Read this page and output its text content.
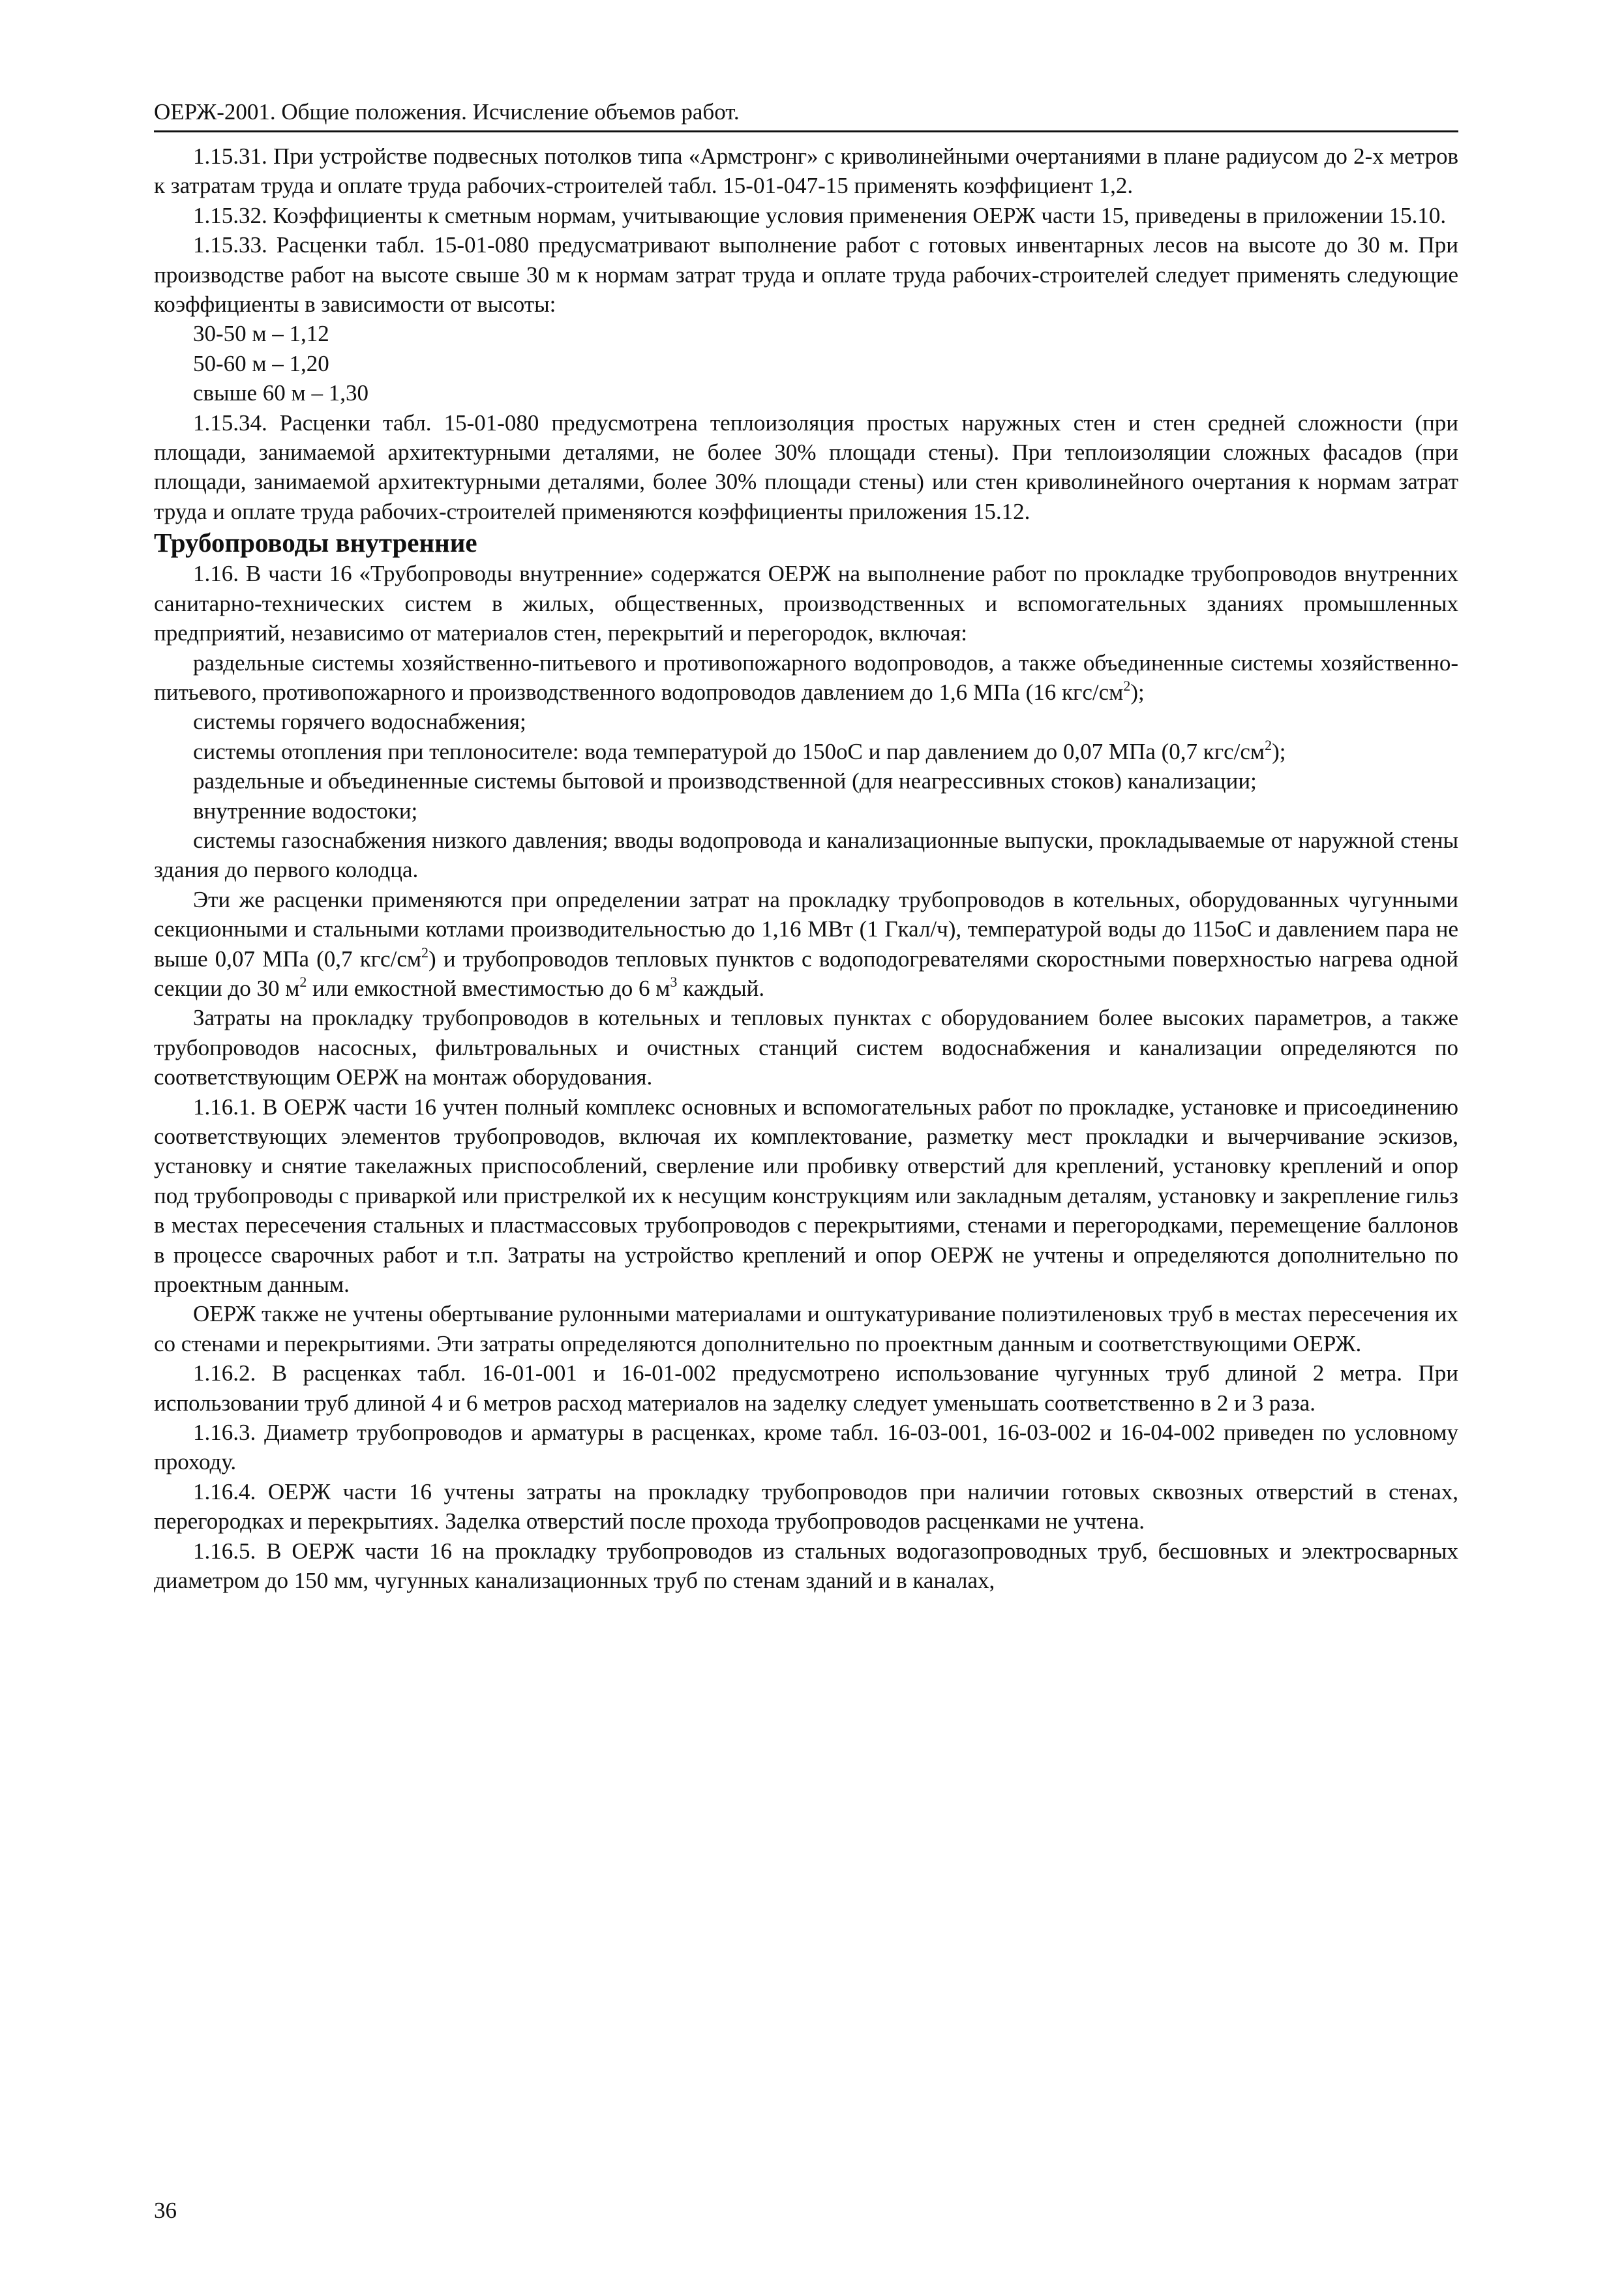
ОЕРЖ-2001. Общие положения. Исчисление объемов работ.

1.15.31. При устройстве подвесных потолков типа «Армстронг» с криволинейными очертаниями в плане радиусом до 2-х метров к затратам труда и оплате труда рабочих-строителей табл. 15-01-047-15 применять коэффициент 1,2.

1.15.32. Коэффициенты к сметным нормам, учитывающие условия применения ОЕРЖ части 15, приведены в приложении 15.10.

1.15.33. Расценки табл. 15-01-080 предусматривают выполнение работ с готовых инвентарных лесов на высоте до 30 м. При производстве работ на высоте свыше 30 м к нормам затрат труда и оплате труда рабочих-строителей следует применять следующие коэффициенты в зависимости от высоты:

30-50 м – 1,12

50-60 м – 1,20

свыше 60 м – 1,30

1.15.34. Расценки табл. 15-01-080 предусмотрена теплоизоляция простых наружных стен и стен средней сложности (при площади, занимаемой архитектурными деталями, не более 30% площади стены). При теплоизоляции сложных фасадов (при площади, занимаемой архитектурными деталями, более 30% площади стены) или стен криволинейного очертания к нормам затрат труда и оплате труда рабочих-строителей применяются коэффициенты приложения 15.12.

Трубопроводы внутренние

1.16. В части 16 «Трубопроводы внутренние» содержатся ОЕРЖ на выполнение работ по прокладке трубопроводов внутренних санитарно-технических систем в жилых, общественных, производственных и вспомогательных зданиях промышленных предприятий, независимо от материалов стен, перекрытий и перегородок, включая:

раздельные системы хозяйственно-питьевого и противопожарного водопроводов, а также объединенные системы хозяйственно-питьевого, противопожарного и производственного водопроводов давлением до 1,6 МПа (16 кгс/$см^2$);

системы горячего водоснабжения;

системы отопления при теплоносителе: вода температурой до 150оС и пар давлением до 0,07 МПа (0,7 кгс/$см^2$);

раздельные и объединенные системы бытовой и производственной (для неагрессивных стоков) канализации;

внутренние водостоки;

системы газоснабжения низкого давления; вводы водопровода и канализационные выпуски, прокладываемые от наружной стены здания до первого колодца.

Эти же расценки применяются при определении затрат на прокладку трубопроводов в котельных, оборудованных чугунными секционными и стальными котлами производительностью до 1,16 МВт (1 Гкал/ч), температурой воды до 115оС и давлением пара не выше 0,07 МПа (0,7 кгс/$см^2$) и трубопроводов тепловых пунктов с водоподогревателями скоростными поверхностью нагрева одной секции до 30 $м^2$ или емкостной вместимостью до 6 $м^3$ каждый.

Затраты на прокладку трубопроводов в котельных и тепловых пунктах с оборудованием более высоких параметров, а также трубопроводов насосных, фильтровальных и очистных станций систем водоснабжения и канализации определяются по соответствующим ОЕРЖ на монтаж оборудования.

1.16.1. В ОЕРЖ части 16 учтен полный комплекс основных и вспомогательных работ по прокладке, установке и присоединению соответствующих элементов трубопроводов, включая их комплектование, разметку мест прокладки и вычерчивание эскизов, установку и снятие такелажных приспособлений, сверление или пробивку отверстий для креплений, установку креплений и опор под трубопроводы с приваркой или пристрелкой их к несущим конструкциям или закладным деталям, установку и закрепление гильз в местах пересечения стальных и пластмассовых трубопроводов с перекрытиями, стенами и перегородками, перемещение баллонов в процессе сварочных работ и т.п. Затраты на устройство креплений и опор ОЕРЖ не учтены и определяются дополнительно по проектным данным.

ОЕРЖ также не учтены обертывание рулонными материалами и оштукатуривание полиэтиленовых труб в местах пересечения их со стенами и перекрытиями. Эти затраты определяются дополнительно по проектным данным и соответствующими ОЕРЖ.

1.16.2. В расценках табл. 16-01-001 и 16-01-002 предусмотрено использование чугунных труб длиной 2 метра. При использовании труб длиной 4 и 6 метров расход материалов на заделку следует уменьшать соответственно в 2 и 3 раза.

1.16.3. Диаметр трубопроводов и арматуры в расценках, кроме табл. 16-03-001, 16-03-002 и 16-04-002 приведен по условному проходу.

1.16.4. ОЕРЖ части 16 учтены затраты на прокладку трубопроводов при наличии готовых сквозных отверстий в стенах, перегородках и перекрытиях. Заделка отверстий после прохода трубопроводов расценками не учтена.

1.16.5. В ОЕРЖ части 16 на прокладку трубопроводов из стальных водогазопроводных труб, бесшовных и электросварных диаметром до 150 мм, чугунных канализационных труб по стенам зданий и в каналах,

36
